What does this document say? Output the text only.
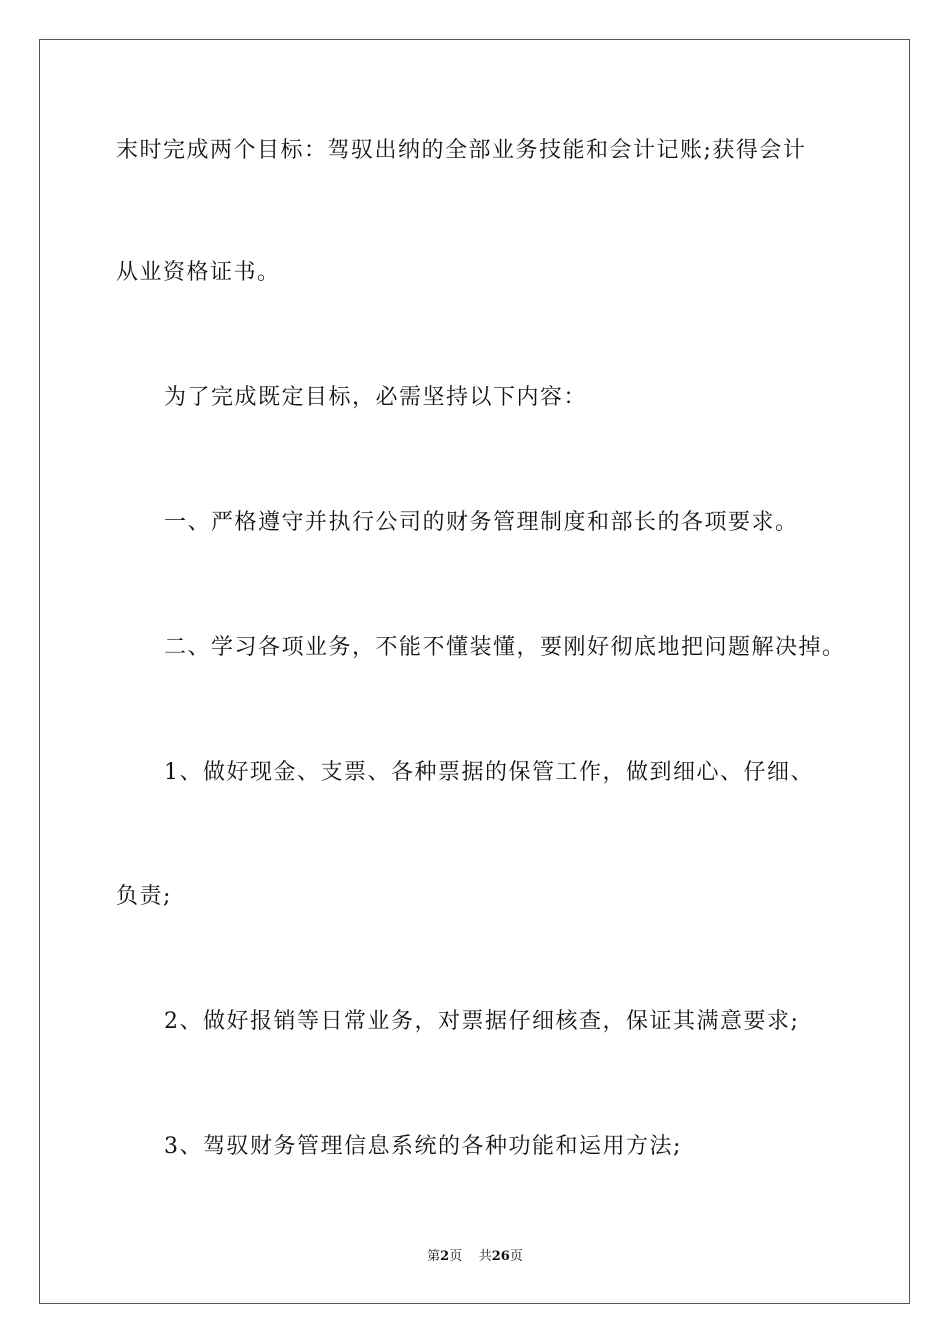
末时完成两个目标：驾驭出纳的全部业务技能和会计记账;获得会计
从业资格证书。
为了完成既定目标，必需坚持以下内容：
一、严格遵守并执行公司的财务管理制度和部长的各项要求。
二、学习各项业务，不能不懂装懂，要刚好彻底地把问题解决掉。
1、做好现金、支票、各种票据的保管工作，做到细心、仔细、
负责;
2、做好报销等日常业务，对票据仔细核查，保证其满意要求;
3、驾驭财务管理信息系统的各种功能和运用方法;
第2页 共26页
